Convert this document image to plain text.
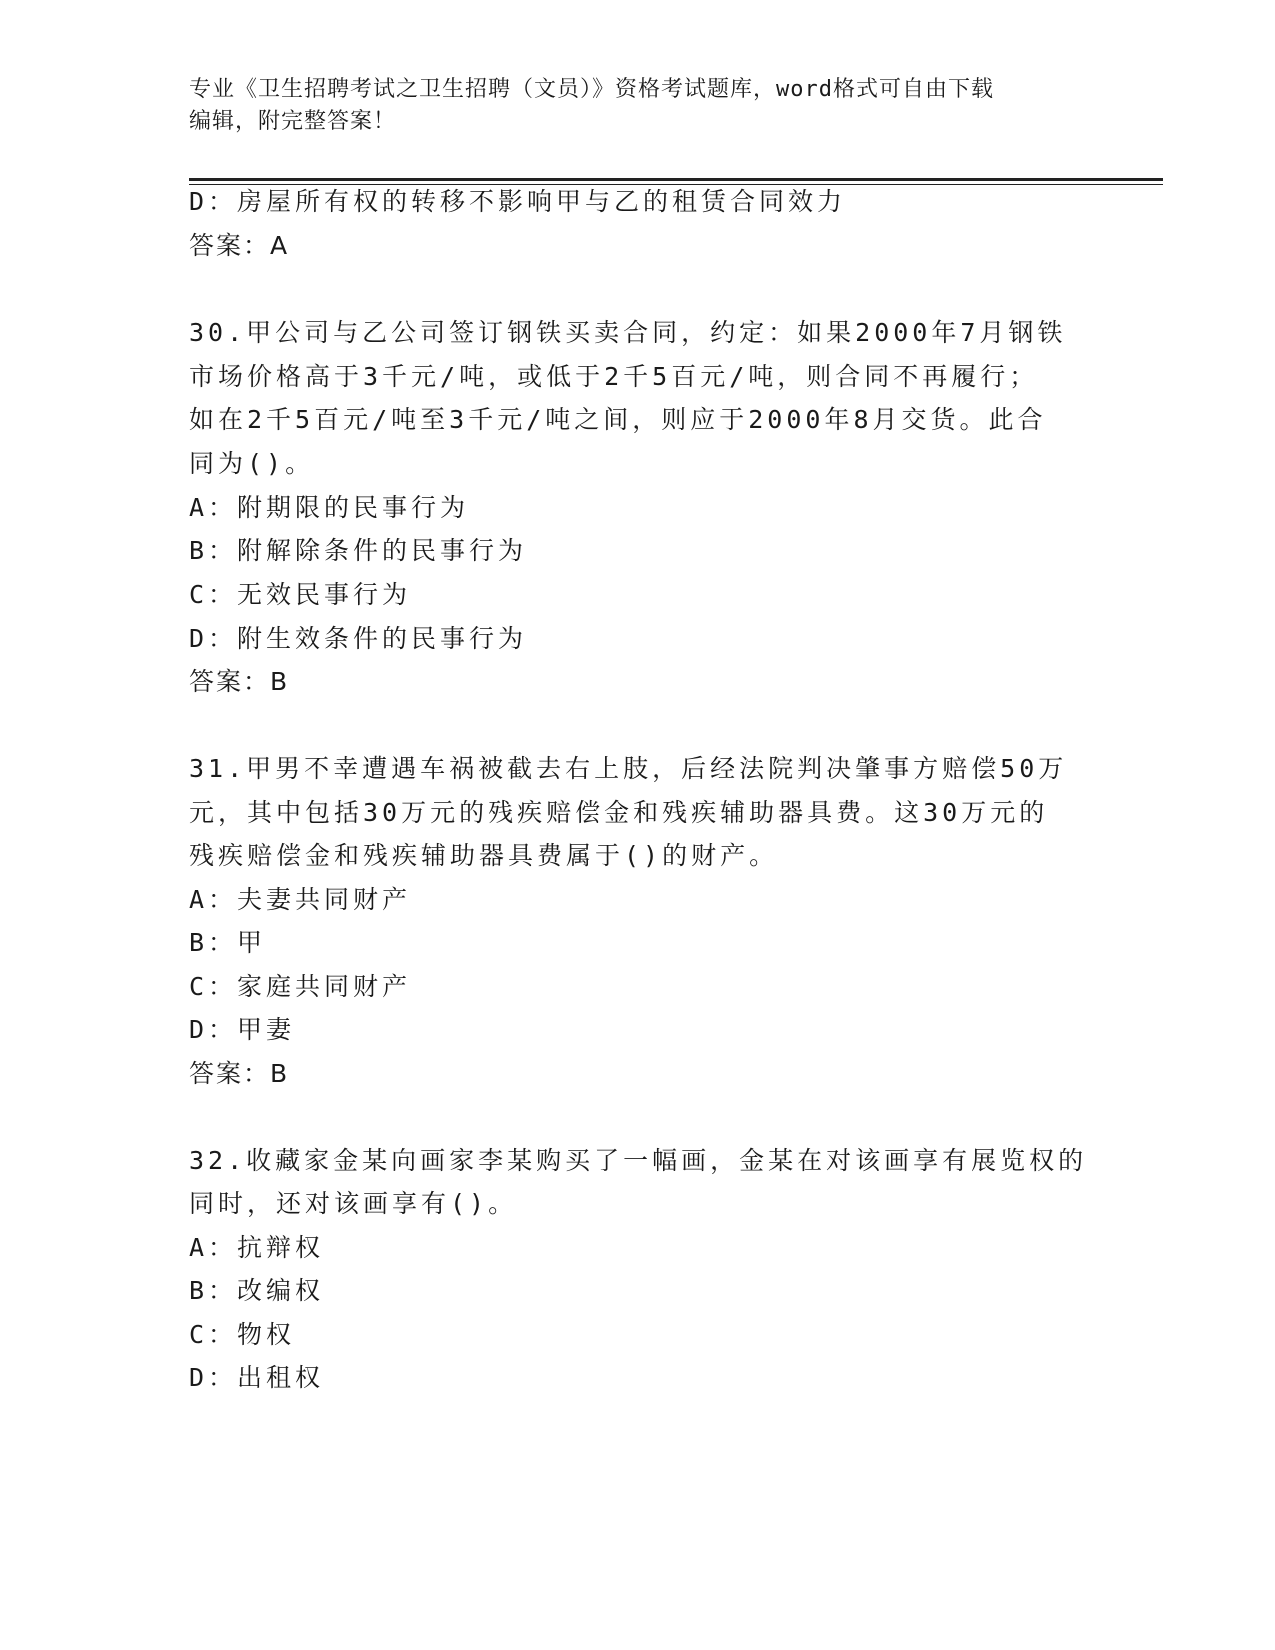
专业《卫生招聘考试之卫生招聘（文员）》资格考试题库，word格式可自由下载
编辑，附完整答案！
D：房屋所有权的转移不影响甲与乙的租赁合同效力
答案：A
30.甲公司与乙公司签订钢铁买卖合同，约定：如果2000年7月钢铁
市场价格高于3千元/吨，或低于2千5百元/吨，则合同不再履行；
如在2千5百元/吨至3千元/吨之间，则应于2000年8月交货。此合
同为()。
A：附期限的民事行为
B：附解除条件的民事行为
C：无效民事行为
D：附生效条件的民事行为
答案：B
31.甲男不幸遭遇车祸被截去右上肢，后经法院判决肇事方赔偿50万
元，其中包括30万元的残疾赔偿金和残疾辅助器具费。这30万元的
残疾赔偿金和残疾辅助器具费属于()的财产。
A：夫妻共同财产
B：甲
C：家庭共同财产
D：甲妻
答案：B
32.收藏家金某向画家李某购买了一幅画，金某在对该画享有展览权的
同时，还对该画享有()。
A：抗辩权
B：改编权
C：物权
D：出租权
